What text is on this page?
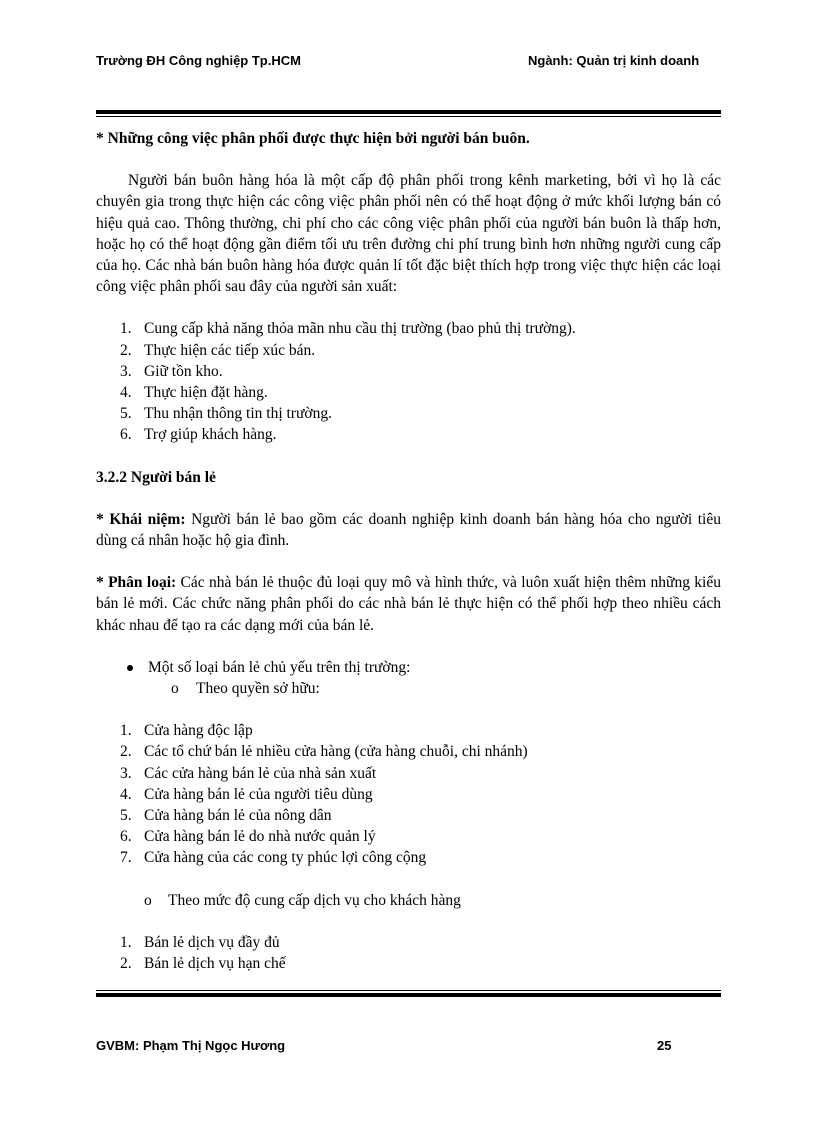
Trường ĐH Công nghiệp Tp.HCM	Ngành: Quản trị kinh doanh

* Những công việc phân phối được thực hiện bởi người bán buôn.

Người bán buôn hàng hóa là một cấp độ phân phối trong kênh marketing, bởi vì họ là các chuyên gia trong thực hiện các công việc phân phối nên có thể hoạt động ở mức khối lượng bán có hiệu quả cao. Thông thường, chi phí cho các công việc phân phối của người bán buôn là thấp hơn, hoặc họ có thể hoạt động gần điểm tối ưu trên đường chi phí trung bình hơn những người cung cấp của họ. Các nhà bán buôn hàng hóa được quản lí tốt đặc biệt thích hợp trong việc thực hiện các loại công việc phân phối sau đây của người sản xuất:

1. Cung cấp khả năng thỏa mãn nhu cầu thị trường (bao phủ thị trường).
2. Thực hiện các tiếp xúc bán.
3. Giữ tồn kho.
4. Thực hiện đặt hàng.
5. Thu nhận thông tin thị trường.
6. Trợ giúp khách hàng.

3.2.2 Người bán lẻ

* Khái niệm: Người bán lẻ bao gồm các doanh nghiệp kinh doanh bán hàng hóa cho người tiêu dùng cá nhân hoặc hộ gia đình.

* Phân loại: Các nhà bán lẻ thuộc đủ loại quy mô và hình thức, và luôn xuất hiện thêm những kiểu bán lẻ mới. Các chức năng phân phối do các nhà bán lẻ thực hiện có thể phối hợp theo nhiều cách khác nhau để tạo ra các dạng mới của bán lẻ.

Một số loại bán lẻ chủ yếu trên thị trường:
o Theo quyền sở hữu:
1. Cửa hàng độc lập
2. Các tổ chứ bán lẻ nhiều cửa hàng (cửa hàng chuỗi, chi nhánh)
3. Các cửa hàng bán lẻ của nhà sản xuất
4. Cửa hàng bán lẻ của người tiêu dùng
5. Cửa hàng bán lẻ của nông dân
6. Cửa hàng bán lẻ do nhà nước quản lý
7. Cửa hàng của các cong ty phúc lợi công cộng
o Theo mức độ cung cấp dịch vụ cho khách hàng
1. Bán lẻ dịch vụ đầy đủ
2. Bán lẻ dịch vụ hạn chế
GVBM: Phạm Thị Ngọc Hương	25
